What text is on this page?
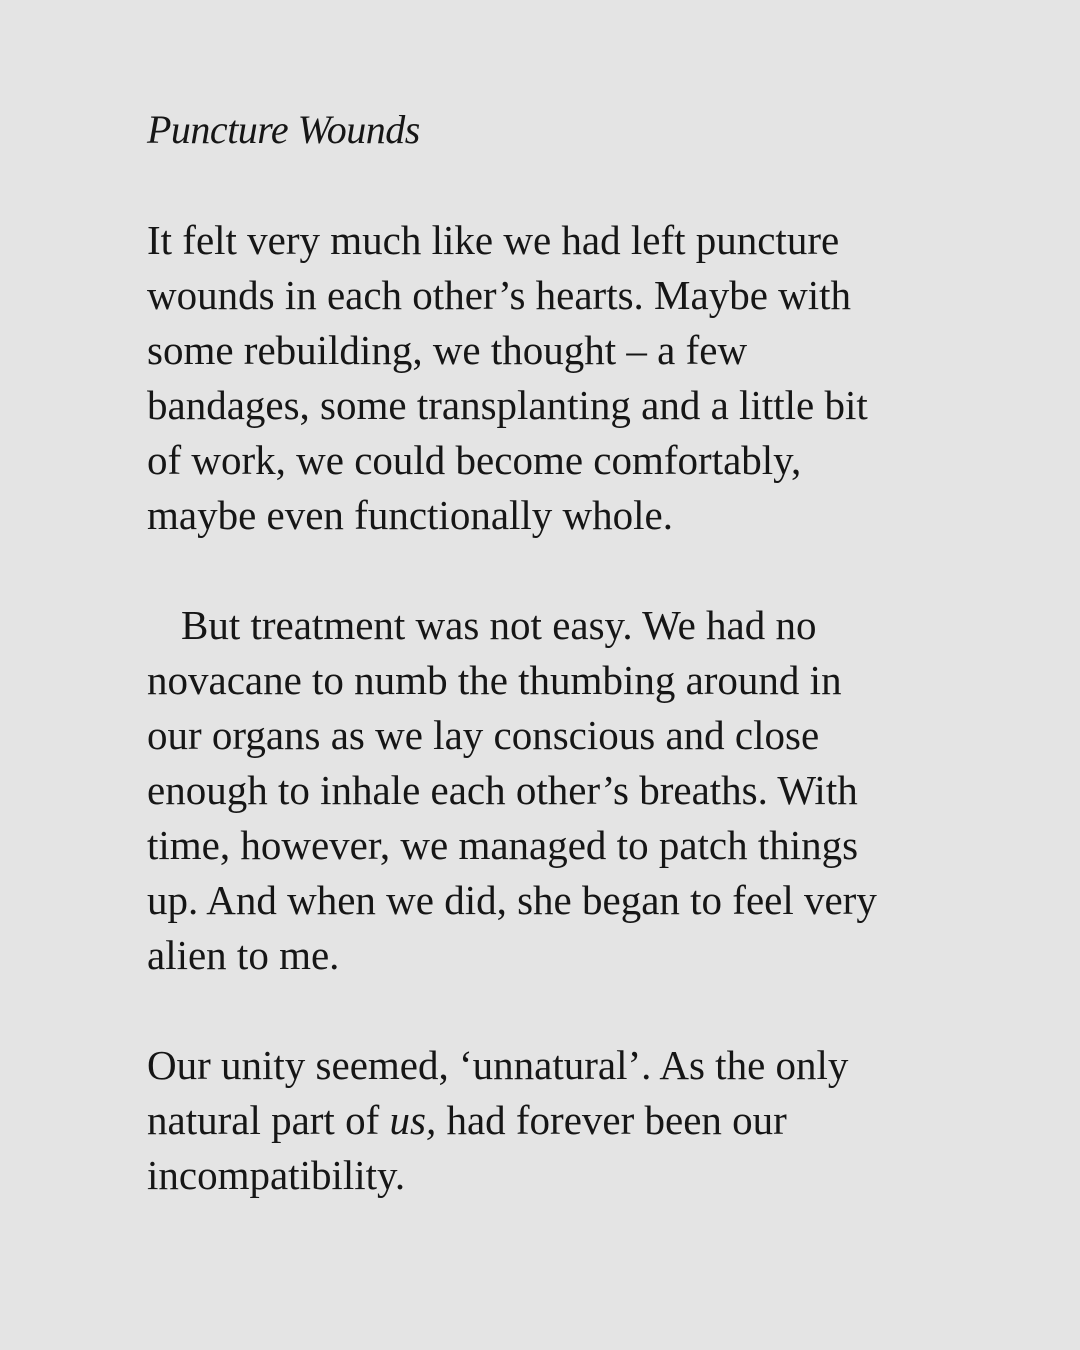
Puncture Wounds
It felt very much like we had left puncture
wounds in each other’s hearts. Maybe with
some rebuilding, we thought – a few
bandages, some transplanting and a little bit
of work, we could become comfortably,
maybe even functionally whole.
But treatment was not easy. We had no
novacane to numb the thumbing around in
our organs as we lay conscious and close
enough to inhale each other’s breaths. With
time, however, we managed to patch things
up. And when we did, she began to feel very
alien to me.
Our unity seemed, ‘unnatural’. As the only
natural part of us, had forever been our
incompatibility.
